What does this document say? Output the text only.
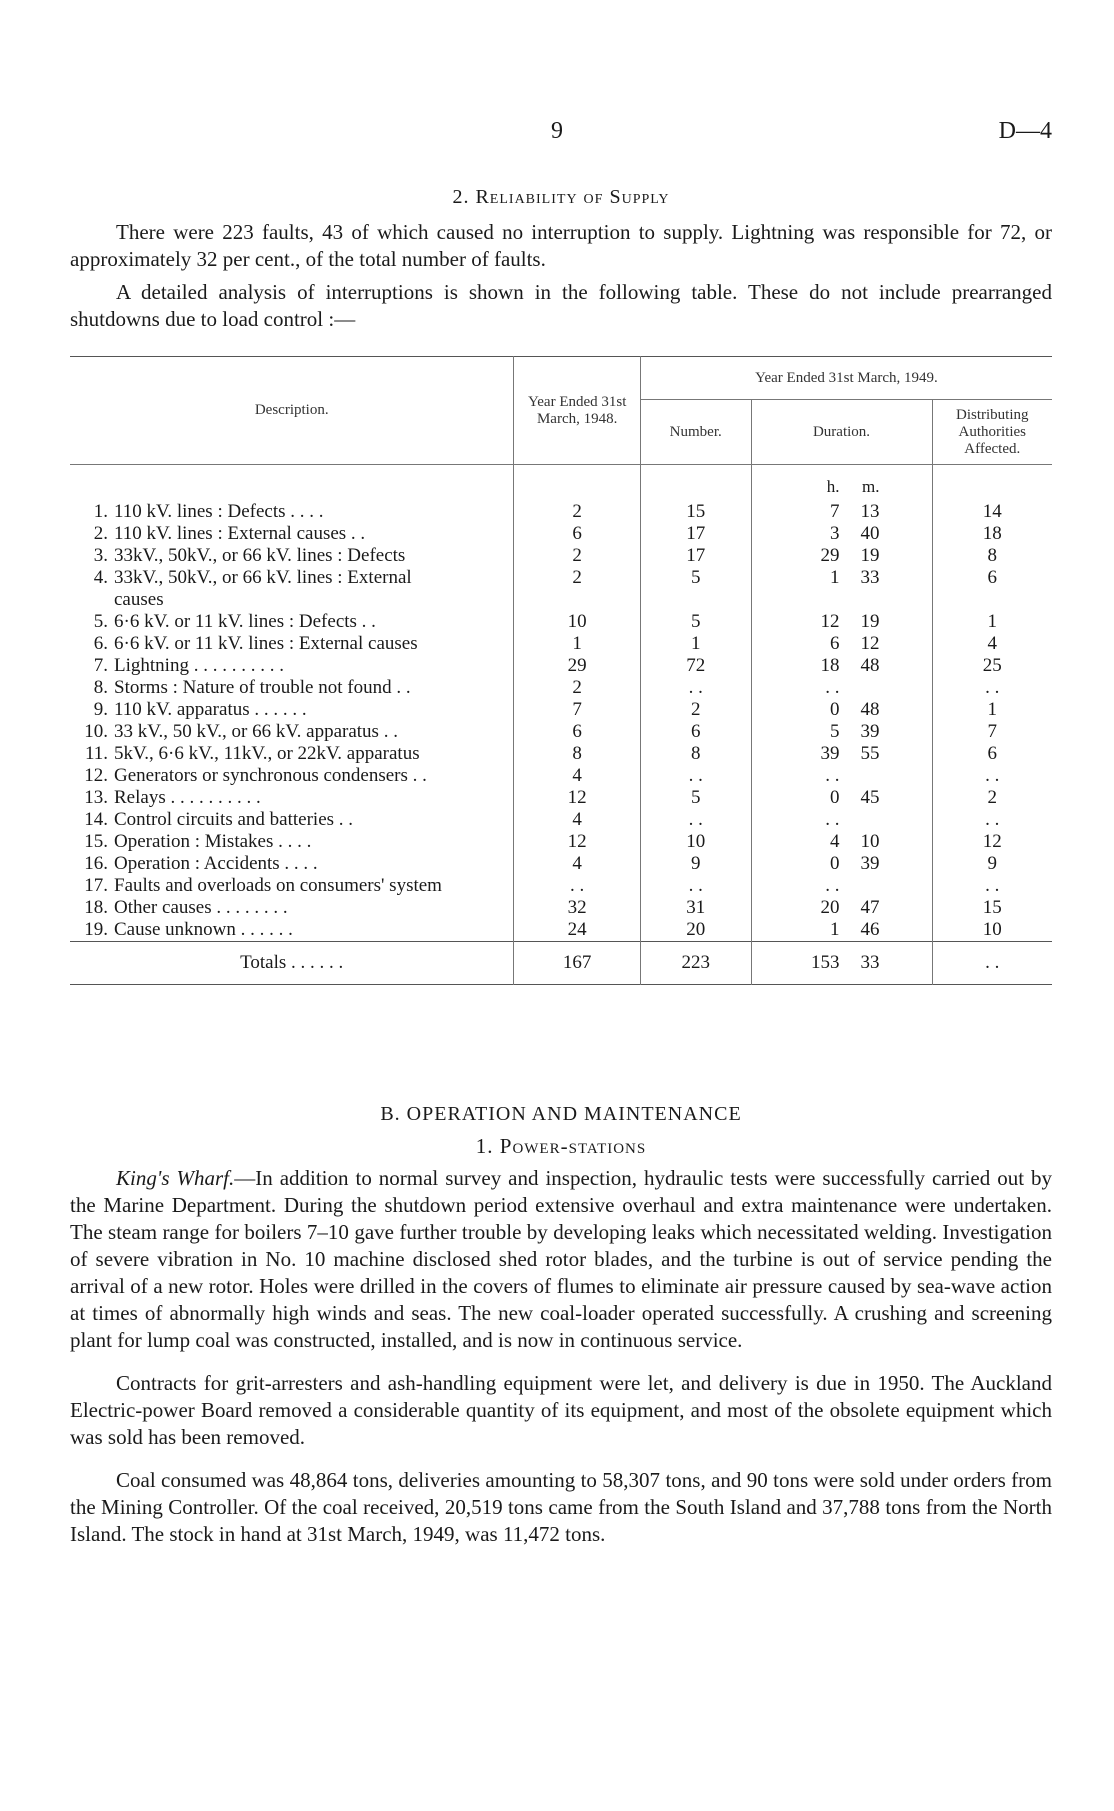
9	D—4
2. Reliability of Supply

There were 223 faults, 43 of which caused no interruption to supply. Lightning was responsible for 72, or approximately 32 per cent., of the total number of faults.

A detailed analysis of interruptions is shown in the following table. These do not include prearranged shutdowns due to load control :—

Description.	Year Ended 31st March, 1948.	Year Ended 31st March, 1949.		
		Number.	Duration.	Distributing Authorities Affected.
			h. m.	
1. 110 kV. lines : Defects . . . .	2	15	7 13	14
2. 110 kV. lines : External causes . .	6	17	3 40	18
3. 33kV., 50kV., or 66 kV. lines : Defects	2	17	29 19	8
4. 33kV., 50kV., or 66 kV. lines : External
causes	2	5	1 33	6
5. 6·6 kV. or 11 kV. lines : Defects . .	10	5	12 19	1
6. 6·6 kV. or 11 kV. lines : External causes	1	1	6 12	4
7. Lightning . . . . . . . . . .	29	72	18 48	25
8. Storms : Nature of trouble not found . .	2	. .	. .	. .
9. 110 kV. apparatus . . . . . .	7	2	0 48	1
10. 33 kV., 50 kV., or 66 kV. apparatus . .	6	6	5 39	7
11. 5kV., 6·6 kV., 11kV., or 22kV. apparatus	8	8	39 55	6
12. Generators or synchronous condensers . .	4	. .	. .	. .
13. Relays . . . . . . . . . .	12	5	0 45	2
14. Control circuits and batteries . .	4	. .	. .	. .
15. Operation : Mistakes . . . .	12	10	4 10	12
16. Operation : Accidents . . . .	4	9	0 39	9
17. Faults and overloads on consumers' system	. .	. .	. .	. .
18. Other causes . . . . . . . .	32	31	20 47	15
19. Cause unknown . . . . . .	24	20	1 46	10
Totals . . . . . .	167	223	153 33	. .
B. OPERATION AND MAINTENANCE
1. Power-stations

King's Wharf.—In addition to normal survey and inspection, hydraulic tests were successfully carried out by the Marine Department. During the shutdown period extensive overhaul and extra maintenance were undertaken. The steam range for boilers 7–10 gave further trouble by developing leaks which necessitated welding. Investigation of severe vibration in No. 10 machine disclosed shed rotor blades, and the turbine is out of service pending the arrival of a new rotor. Holes were drilled in the covers of flumes to eliminate air pressure caused by sea-wave action at times of abnormally high winds and seas. The new coal-loader operated successfully. A crushing and screening plant for lump coal was constructed, installed, and is now in continuous service.

Contracts for grit-arresters and ash-handling equipment were let, and delivery is due in 1950. The Auckland Electric-power Board removed a considerable quantity of its equipment, and most of the obsolete equipment which was sold has been removed.

Coal consumed was 48,864 tons, deliveries amounting to 58,307 tons, and 90 tons were sold under orders from the Mining Controller. Of the coal received, 20,519 tons came from the South Island and 37,788 tons from the North Island. The stock in hand at 31st March, 1949, was 11,472 tons.
